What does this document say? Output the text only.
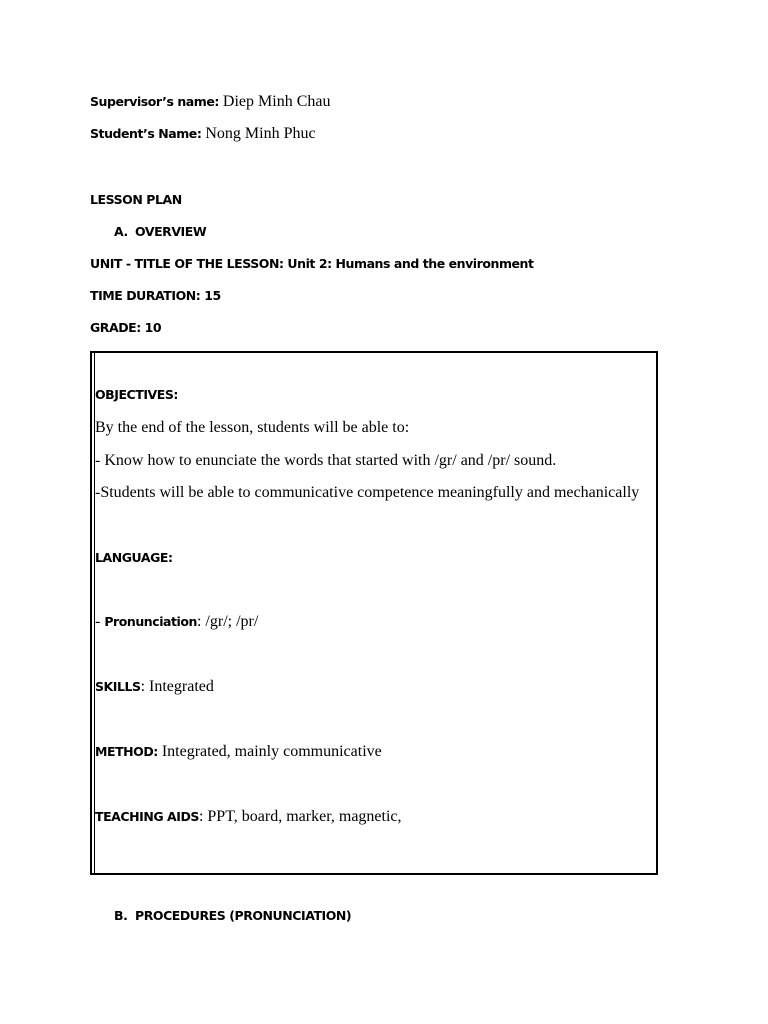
Supervisor’s name: Diep Minh Chau
Student’s Name: Nong Minh Phuc
LESSON PLAN
A. OVERVIEW
UNIT - TITLE OF THE LESSON: Unit 2: Humans and the environment
TIME DURATION: 15
GRADE: 10
OBJECTIVES:
By the end of the lesson, students will be able to:
- Know how to enunciate the words that started with /gr/ and /pr/ sound.
-Students will be able to communicative competence meaningfully and mechanically
LANGUAGE:
- Pronunciation: /gr/; /pr/
SKILLS: Integrated
METHOD: Integrated, mainly communicative
TEACHING AIDS: PPT, board, marker, magnetic,
B. PROCEDURES (PRONUNCIATION)
